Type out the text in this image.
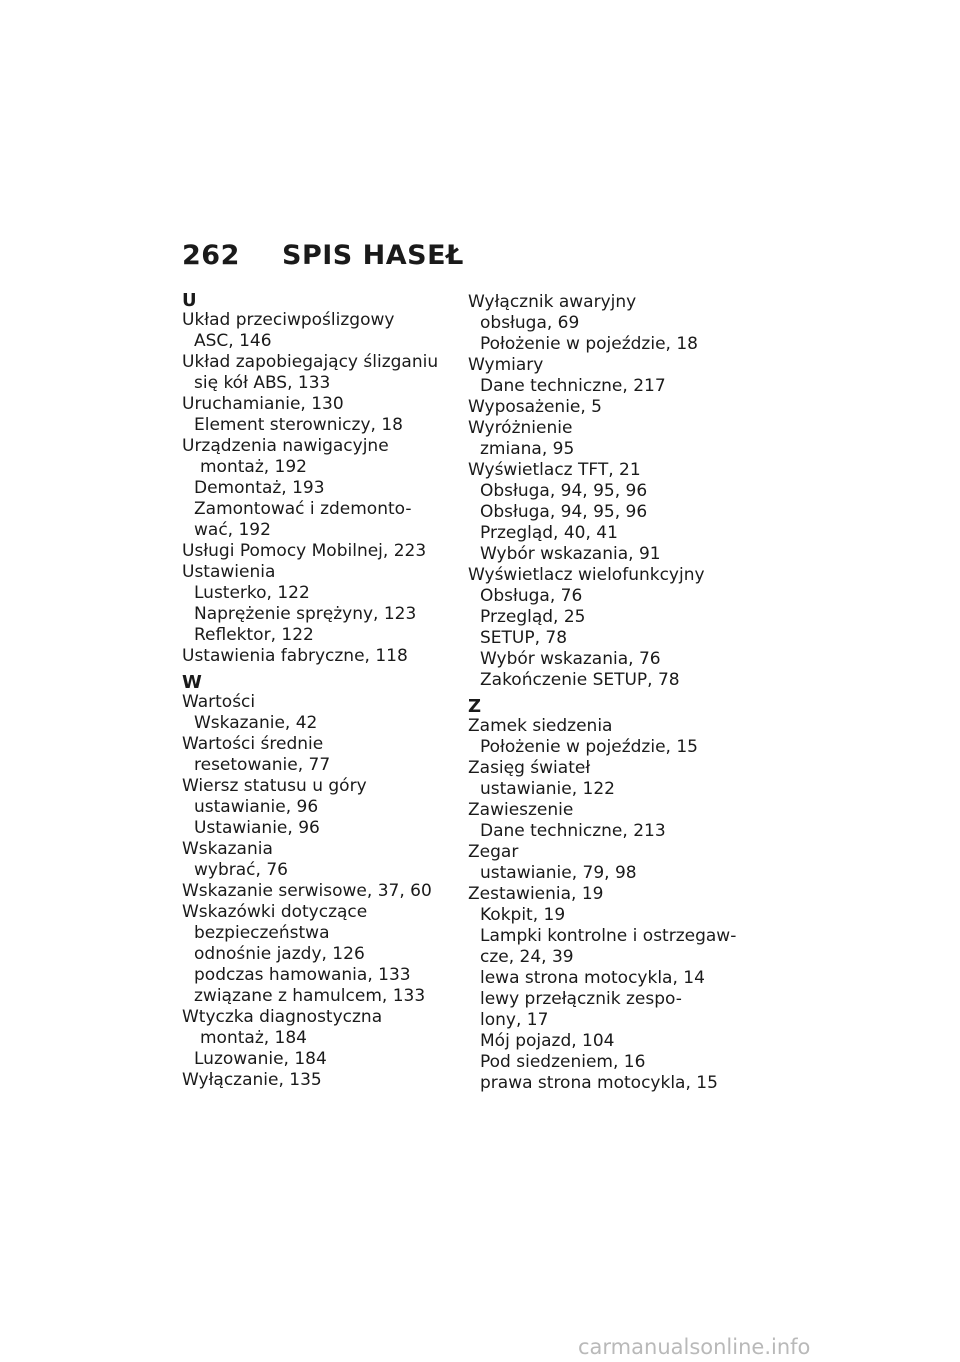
262 SPIS HASEŁ
U
Układ przeciwpoślizgowy
ASC, 146
Układ zapobiegający ślizganiu
się kół ABS, 133
Uruchamianie, 130
Element sterowniczy, 18
Urządzenia nawigacyjne
montaż, 192
Demontaż, 193
Zamontować i zdemonto-
wać, 192
Usługi Pomocy Mobilnej, 223
Ustawienia
Lusterko, 122
Naprężenie sprężyny, 123
Reflektor, 122
Ustawienia fabryczne, 118
W
Wartości
Wskazanie, 42
Wartości średnie
resetowanie, 77
Wiersz statusu u góry
ustawianie, 96
Ustawianie, 96
Wskazania
wybrać, 76
Wskazanie serwisowe, 37, 60
Wskazówki dotyczące
bezpieczeństwa
odnośnie jazdy, 126
podczas hamowania, 133
związane z hamulcem, 133
Wtyczka diagnostyczna
montaż, 184
Luzowanie, 184
Wyłączanie, 135
Wyłącznik awaryjny
obsługa, 69
Położenie w pojeździe, 18
Wymiary
Dane techniczne, 217
Wyposażenie, 5
Wyróżnienie
zmiana, 95
Wyświetlacz TFT, 21
Obsługa, 94, 95, 96
Obsługa, 94, 95, 96
Przegląd, 40, 41
Wybór wskazania, 91
Wyświetlacz wielofunkcyjny
Obsługa, 76
Przegląd, 25
SETUP, 78
Wybór wskazania, 76
Zakończenie SETUP, 78
Z
Zamek siedzenia
Położenie w pojeździe, 15
Zasięg świateł
ustawianie, 122
Zawieszenie
Dane techniczne, 213
Zegar
ustawianie, 79, 98
Zestawienia, 19
Kokpit, 19
Lampki kontrolne i ostrzegaw-
cze, 24, 39
lewa strona motocykla, 14
lewy przełącznik zespo-
lony, 17
Mój pojazd, 104
Pod siedzeniem, 16
prawa strona motocykla, 15
carmanualsonline.info
